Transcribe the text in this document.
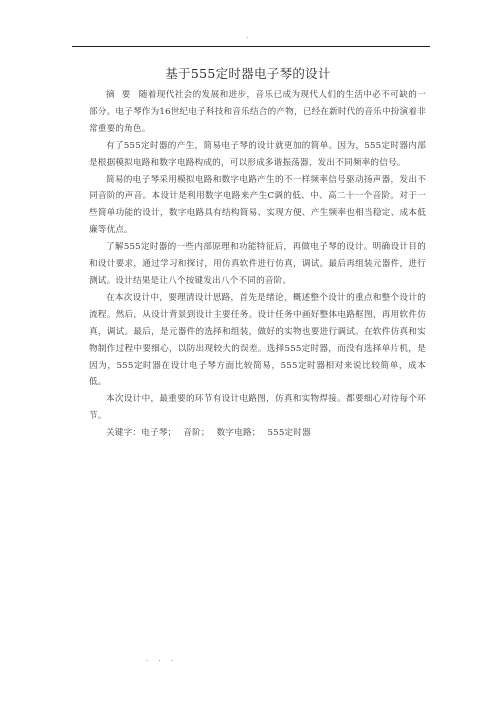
.
基于555定时器电子琴的设计

摘 要 随着现代社会的发展和进步，音乐已成为现代人们的生活中必不可缺的一部分。电子琴作为16世纪电子科技和音乐结合的产物，已经在新时代的音乐中扮演着非常重要的角色。

有了555定时器的产生，简易电子琴的设计就更加的简单。因为，555定时器内部是根据模拟电路和数字电路构成的，可以形成多谐振荡器，发出不同频率的信号。

简易的电子琴采用模拟电路和数字电路产生的不一样频率信号驱动扬声器，发出不同音阶的声音。本设计是利用数字电路来产生C调的低、中、高二十一个音阶。对于一些简单功能的设计，数字电路具有结构简易、实现方便、产生频率也相当稳定、成本低廉等优点。

了解555定时器的一些内部原理和功能特征后，再做电子琴的设计。明确设计目的和设计要求，通过学习和探讨，用仿真软件进行仿真，调试。最后再组装元器件，进行测试。设计结果是让八个按键发出八个不同的音阶。

在本次设计中，要理清设计思路，首先是绪论，概述整个设计的重点和整个设计的流程。然后，从设计背景到设计主要任务。设计任务中画好整体电路框图，再用软件仿真，调试。最后，是元器件的选择和组装，做好的实物也要进行调试。在软件仿真和实物制作过程中要细心，以防出现较大的误差。选择555定时器，而没有选择单片机，是因为，555定时器在设计电子琴方面比较简易，555定时器相对来说比较简单，成本低。

本次设计中，最重要的环节有设计电路图，仿真和实物焊接。都要细心对待每个环节。

关键字：电子琴； 音阶； 数字电路； 555定时器

. . .
